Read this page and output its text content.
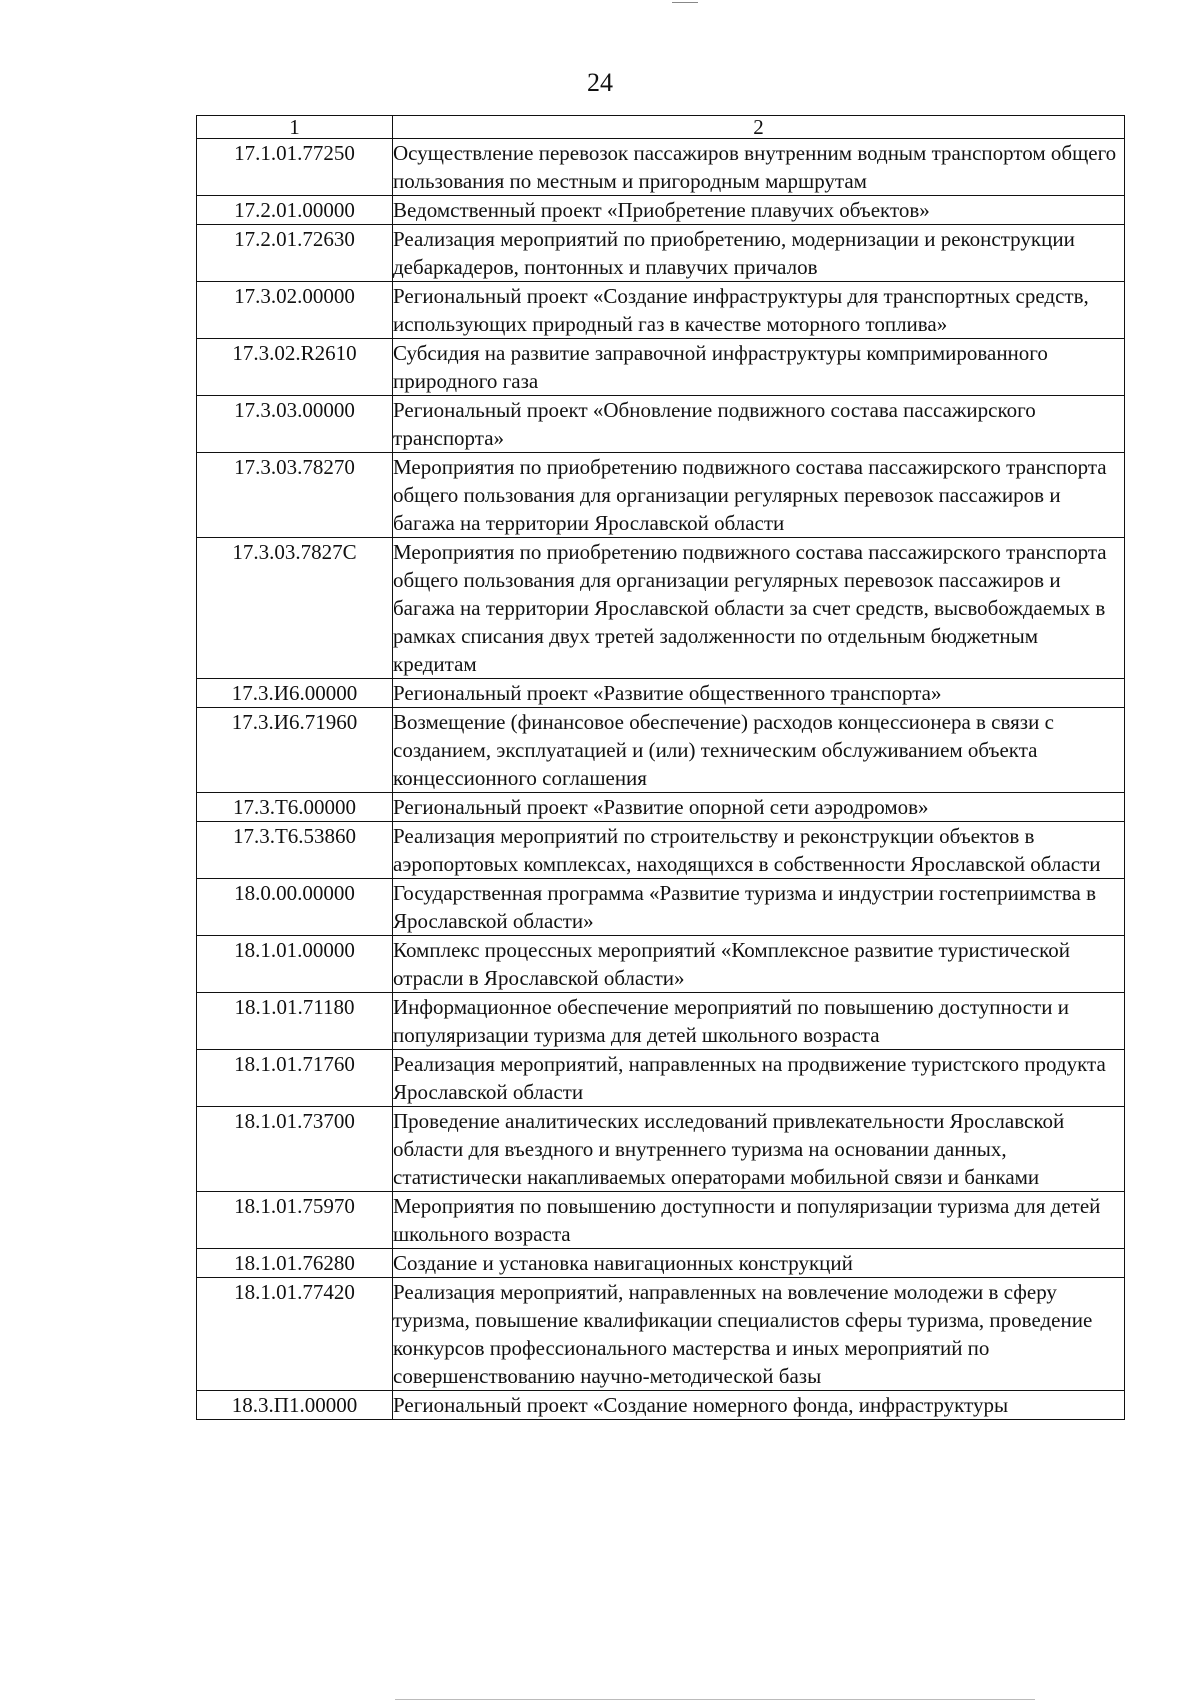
24
1	2
17.1.01.77250	Осуществление перевозок пассажиров внутренним водным транспортом общего пользования по местным и пригородным маршрутам
17.2.01.00000	Ведомственный проект «Приобретение плавучих объектов»
17.2.01.72630	Реализация мероприятий по приобретению, модернизации и реконструкции дебаркадеров, понтонных и плавучих причалов
17.3.02.00000	Региональный проект «Создание инфраструктуры для транспортных средств, использующих природный газ в качестве моторного топлива»
17.3.02.R2610	Субсидия на развитие заправочной инфраструктуры компримированного природного газа
17.3.03.00000	Региональный проект «Обновление подвижного состава пассажирского транспорта»
17.3.03.78270	Мероприятия по приобретению подвижного состава пассажирского транспорта общего пользования для организации регулярных перевозок пассажиров и багажа на территории Ярославской области
17.3.03.7827С	Мероприятия по приобретению подвижного состава пассажирского транспорта общего пользования для организации регулярных перевозок пассажиров и багажа на территории Ярославской области за счет средств, высвобождаемых в рамках списания двух третей задолженности по отдельным бюджетным кредитам
17.3.И6.00000	Региональный проект «Развитие общественного транспорта»
17.3.И6.71960	Возмещение (финансовое обеспечение) расходов концессионера в связи с созданием, эксплуатацией и (или) техническим обслуживанием объекта концессионного соглашения
17.3.Т6.00000	Региональный проект «Развитие опорной сети аэродромов»
17.3.Т6.53860	Реализация мероприятий по строительству и реконструкции объектов в аэропортовых комплексах, находящихся в собственности Ярославской области
18.0.00.00000	Государственная программа «Развитие туризма и индустрии гостеприимства в Ярославской области»
18.1.01.00000	Комплекс процессных мероприятий «Комплексное развитие туристической отрасли в Ярославской области»
18.1.01.71180	Информационное обеспечение мероприятий по повышению доступности и популяризации туризма для детей школьного возраста
18.1.01.71760	Реализация мероприятий, направленных на продвижение туристского продукта Ярославской области
18.1.01.73700	Проведение аналитических исследований привлекательности Ярославской области для въездного и внутреннего туризма на основании данных, статистически накапливаемых операторами мобильной связи и банками
18.1.01.75970	Мероприятия по повышению доступности и популяризации туризма для детей школьного возраста
18.1.01.76280	Создание и установка навигационных конструкций
18.1.01.77420	Реализация мероприятий, направленных на вовлечение молодежи в сферу туризма, повышение квалификации специалистов сферы туризма, проведение конкурсов профессионального мастерства и иных мероприятий по совершенствованию научно-методической базы
18.3.П1.00000	Региональный проект «Создание номерного фонда, инфраструктуры
